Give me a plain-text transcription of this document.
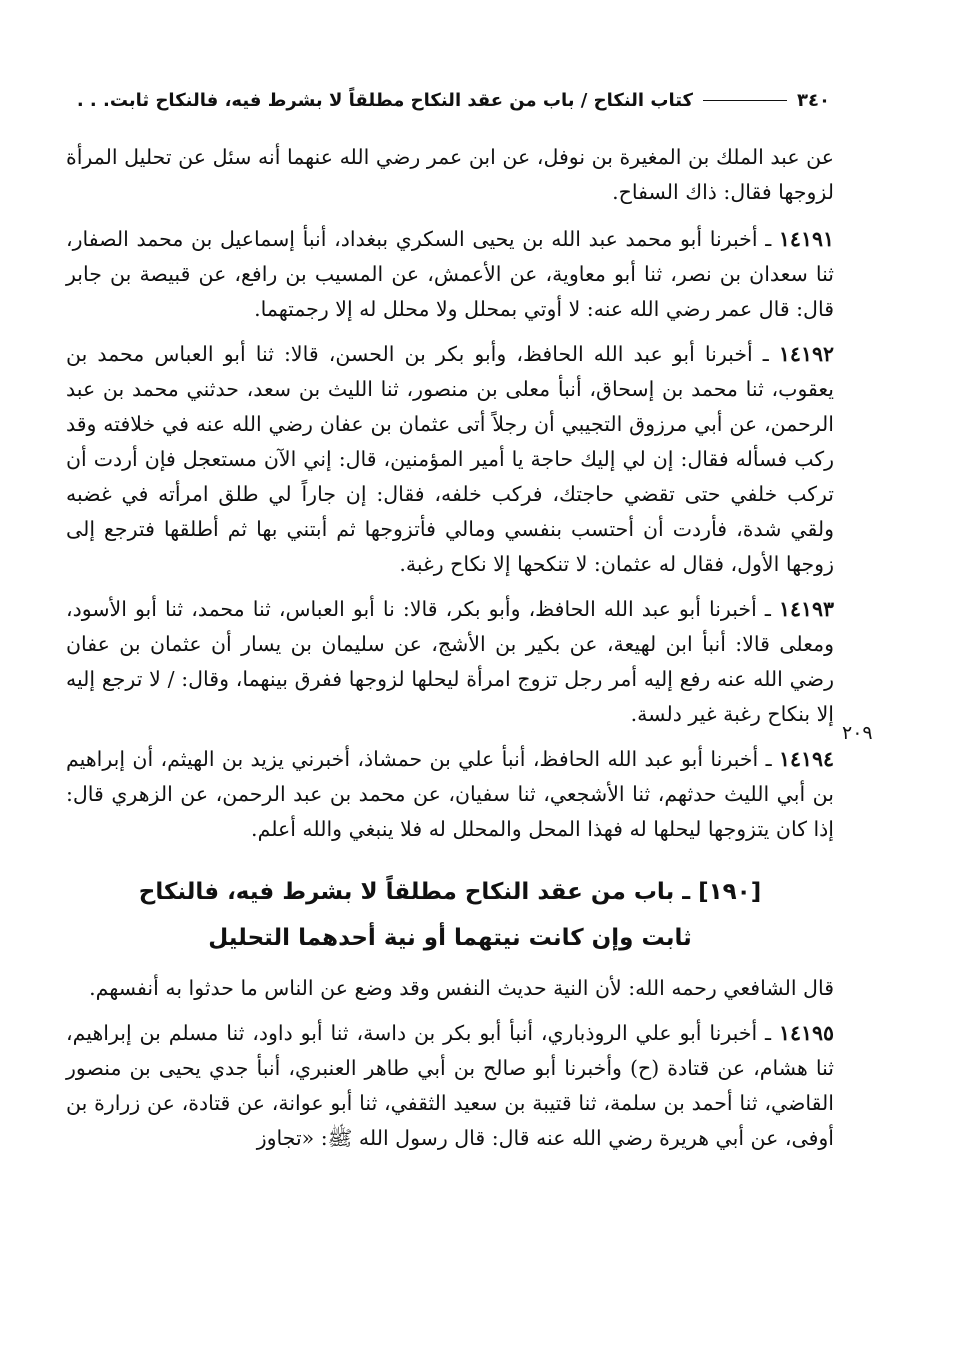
٣٤٠
كتاب النكاح / باب من عقد النكاح مطلقاً لا بشرط فيه، فالنكاح ثابت. . .
٢٠٩

عن عبد الملك بن المغيرة بن نوفل، عن ابن عمر رضي الله عنهما أنه سئل عن تحليل المرأة لزوجها فقال: ذاك السفاح.

١٤١٩١ ـ أخبرنا أبو محمد عبد الله بن يحيى السكري ببغداد، أنبأ إسماعيل بن محمد الصفار، ثنا سعدان بن نصر، ثنا أبو معاوية، عن الأعمش، عن المسيب بن رافع، عن قبيصة بن جابر قال: قال عمر رضي الله عنه: لا أوتي بمحلل ولا محلل له إلا رجمتهما.

١٤١٩٢ ـ أخبرنا أبو عبد الله الحافظ، وأبو بكر بن الحسن، قالا: ثنا أبو العباس محمد بن يعقوب، ثنا محمد بن إسحاق، أنبأ معلى بن منصور، ثنا الليث بن سعد، حدثني محمد بن عبد الرحمن، عن أبي مرزوق التجيبي أن رجلاً أتى عثمان بن عفان رضي الله عنه في خلافته وقد ركب فسأله فقال: إن لي إليك حاجة يا أمير المؤمنين، قال: إني الآن مستعجل فإن أردت أن تركب خلفي حتى تقضي حاجتك، فركب خلفه، فقال: إن جاراً لي طلق امرأته في غضبه ولقي شدة، فأردت أن أحتسب بنفسي ومالي فأتزوجها ثم أبتني بها ثم أطلقها فترجع إلى زوجها الأول، فقال له عثمان: لا تنكحها إلا نكاح رغبة.

١٤١٩٣ ـ أخبرنا أبو عبد الله الحافظ، وأبو بكر، قالا: نا أبو العباس، ثنا محمد، ثنا أبو الأسود، ومعلى قالا: أنبأ ابن لهيعة، عن بكير بن الأشج، عن سليمان بن يسار أن عثمان بن عفان رضي الله عنه رفع إليه أمر رجل تزوج امرأة ليحلها لزوجها ففرق بينهما، وقال: / لا ترجع إليه إلا بنكاح رغبة غير دلسة.

١٤١٩٤ ـ أخبرنا أبو عبد الله الحافظ، أنبأ علي بن حمشاذ، أخبرني يزيد بن الهيثم، أن إبراهيم بن أبي الليث حدثهم، ثنا الأشجعي، ثنا سفيان، عن محمد بن عبد الرحمن، عن الزهري قال: إذا كان يتزوجها ليحلها له فهذا المحل والمحلل له فلا ينبغي والله أعلم.

[١٩٠] ـ باب من عقد النكاح مطلقاً لا بشرط فيه، فالنكاح
ثابت وإن كانت نيتهما أو نية أحدهما التحليل

قال الشافعي رحمه الله: لأن النية حديث النفس وقد وضع عن الناس ما حدثوا به أنفسهم.

١٤١٩٥ ـ أخبرنا أبو علي الروذباري، أنبأ أبو بكر بن داسة، ثنا أبو داود، ثنا مسلم بن إبراهيم، ثنا هشام، عن قتادة (ح) وأخبرنا أبو صالح بن أبي طاهر العنبري، أنبأ جدي يحيى بن منصور القاضي، ثنا أحمد بن سلمة، ثنا قتيبة بن سعيد الثقفي، ثنا أبو عوانة، عن قتادة، عن زرارة بن أوفى، عن أبي هريرة رضي الله عنه قال: قال رسول الله ﷺ: «تجاوز
